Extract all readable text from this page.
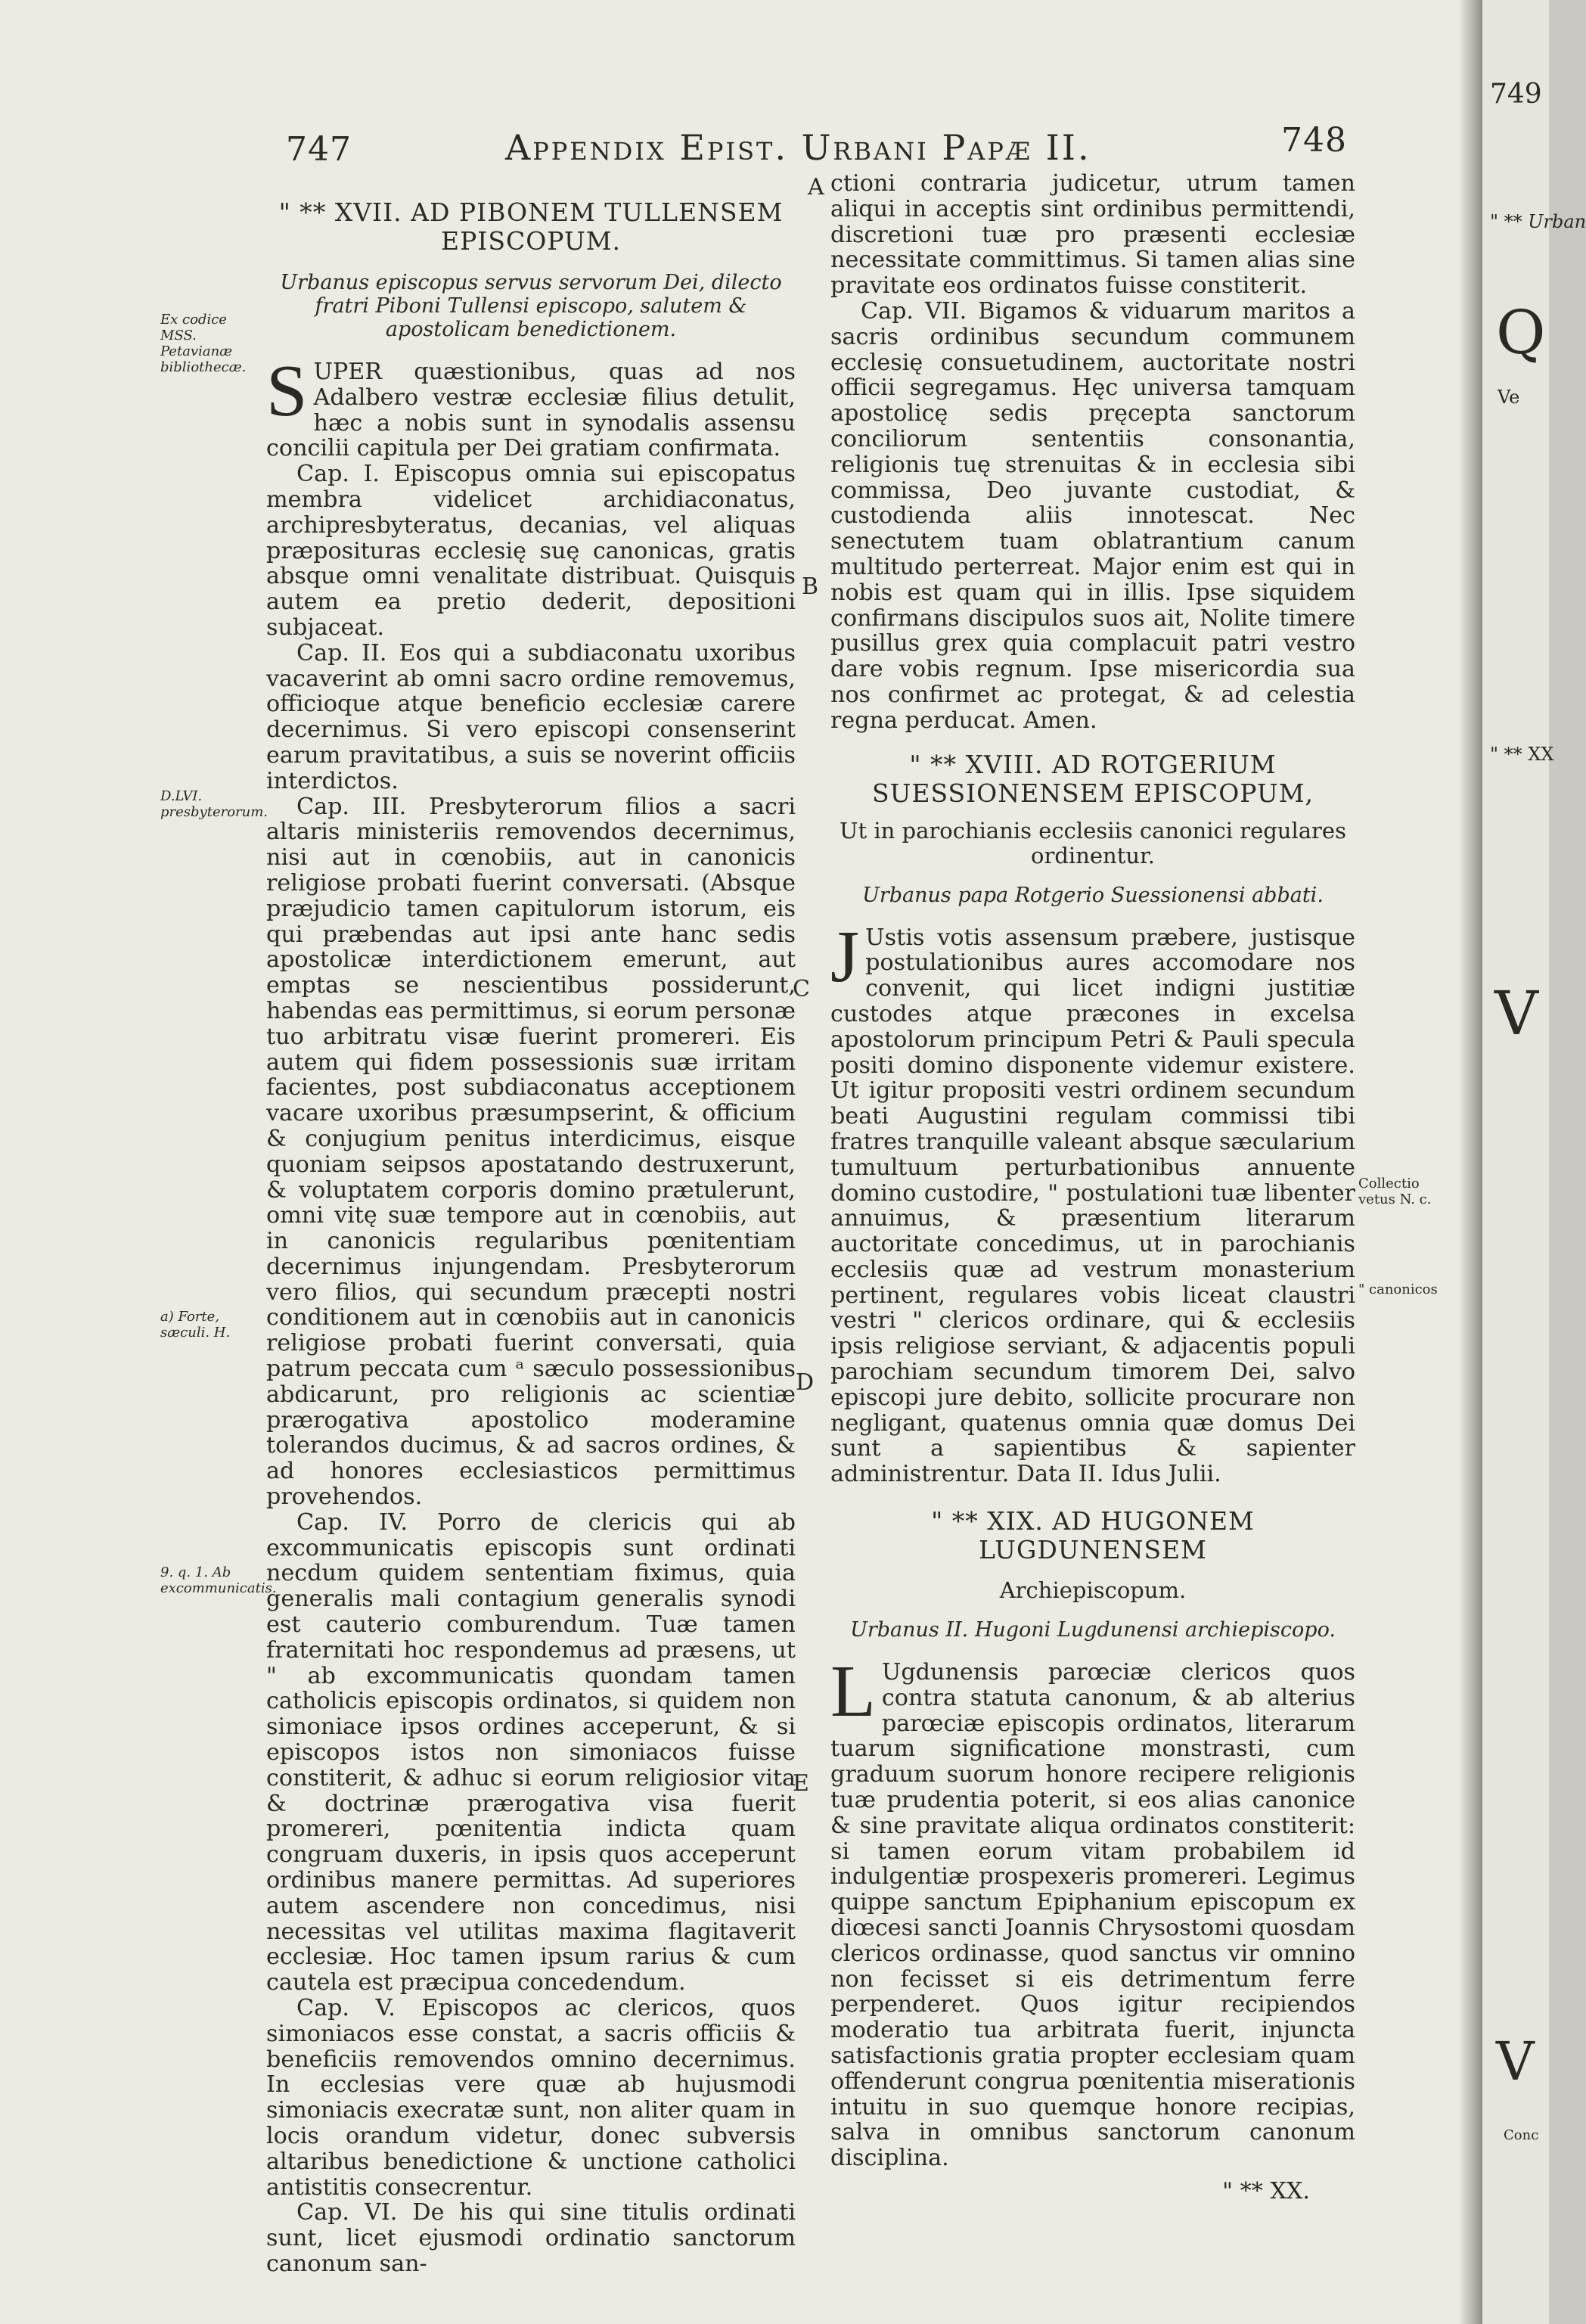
747	Appendix Epist. Urbani Papæ II.	748
Ex codice MSS. Petavianæ bibliothecæ.
D.LVI. presbyterorum.
a) Forte, sæculi. H.
9. q. 1. Ab excommunicatis.
" ** XVII. AD PIBONEM TULLENSEM EPISCOPUM.
Urbanus episcopus servus servorum Dei, dilecto fratri Piboni Tullensi episcopo, salutem & apostolicam benedictionem.

SUPER quæstionibus, quas ad nos Adalbero vestræ ecclesiæ filius detulit, hæc a nobis sunt in synodalis assensu concilii capitula per Dei gratiam confirmata.

Cap. I. Episcopus omnia sui episcopatus membra videlicet archidiaconatus, archipresbyteratus, decanias, vel aliquas præposituras ecclesię suę canonicas, gratis absque omni venalitate distribuat. Quisquis autem ea pretio dederit, depositioni subjaceat.

Cap. II. Eos qui a subdiaconatu uxoribus vacaverint ab omni sacro ordine removemus, officioque atque beneficio ecclesiæ carere decernimus. Si vero episcopi consenserint earum pravitatibus, a suis se noverint officiis interdictos.

Cap. III. Presbyterorum filios a sacri altaris ministeriis removendos decernimus, nisi aut in cœnobiis, aut in canonicis religiose probati fuerint conversati. (Absque præjudicio tamen capitulorum istorum, eis qui præbendas aut ipsi ante hanc sedis apostolicæ interdictionem emerunt, aut emptas se nescientibus possiderunt, habendas eas permittimus, si eorum personæ tuo arbitratu visæ fuerint promereri. Eis autem qui fidem possessionis suæ irritam facientes, post subdiaconatus acceptionem vacare uxoribus præsumpserint, & officium & conjugium penitus interdicimus, eisque quoniam seipsos apostatando destruxerunt, & voluptatem corporis domino prætulerunt, omni vitę suæ tempore aut in cœnobiis, aut in canonicis regularibus pœnitentiam decernimus injungendam. Presbyterorum vero filios, qui secundum præcepti nostri conditionem aut in cœnobiis aut in canonicis religiose probati fuerint conversati, quia patrum peccata cum ᵃ sæculo possessionibus abdicarunt, pro religionis ac scientiæ prærogativa apostolico moderamine tolerandos ducimus, & ad sacros ordines, & ad honores ecclesiasticos permittimus provehendos.

Cap. IV. Porro de clericis qui ab excommunicatis episcopis sunt ordinati necdum quidem sententiam fiximus, quia generalis mali contagium generalis synodi est cauterio comburendum. Tuæ tamen fraternitati hoc respondemus ad præsens, ut " ab excommunicatis quondam tamen catholicis episcopis ordinatos, si quidem non simoniace ipsos ordines acceperunt, & si episcopos istos non simoniacos fuisse constiterit, & adhuc si eorum religiosior vita & doctrinæ prærogativa visa fuerit promereri, pœnitentia indicta quam congruam duxeris, in ipsis quos acceperunt ordinibus manere permittas. Ad superiores autem ascendere non concedimus, nisi necessitas vel utilitas maxima flagitaverit ecclesiæ. Hoc tamen ipsum rarius & cum cautela est præcipua concedendum.

Cap. V. Episcopos ac clericos, quos simoniacos esse constat, a sacris officiis & beneficiis removendos omnino decernimus. In ecclesias vere quæ ab hujusmodi simoniacis execratæ sunt, non aliter quam in locis orandum videtur, donec subversis altaribus benedictione & unctione catholici antistitis consecrentur.

Cap. VI. De his qui sine titulis ordinati sunt, licet ejusmodi ordinatio sanctorum canonum san-

A
B
C
D
E

ctioni contraria judicetur, utrum tamen aliqui in acceptis sint ordinibus permittendi, discretioni tuæ pro præsenti ecclesiæ necessitate committimus. Si tamen alias sine pravitate eos ordinatos fuisse constiterit.

Cap. VII. Bigamos & viduarum maritos a sacris ordinibus secundum communem ecclesię consuetudinem, auctoritate nostri officii segregamus. Hęc universa tamquam apostolicę sedis pręcepta sanctorum conciliorum sententiis consonantia, religionis tuę strenuitas & in ecclesia sibi commissa, Deo juvante custodiat, & custodienda aliis innotescat. Nec senectutem tuam oblatrantium canum multitudo perterreat. Major enim est qui in nobis est quam qui in illis. Ipse siquidem confirmans discipulos suos ait, Nolite timere pusillus grex quia complacuit patri vestro dare vobis regnum. Ipse misericordia sua nos confirmet ac protegat, & ad celestia regna perducat. Amen.

" ** XVIII. AD ROTGERIUM SUESSIONENSEM EPISCOPUM,
Ut in parochianis ecclesiis canonici regulares ordinentur.
Urbanus papa Rotgerio Suessionensi abbati.

J Ustis votis assensum præbere, justisque postulationibus aures accomodare nos convenit, qui licet indigni justitiæ custodes atque præcones in excelsa apostolorum principum Petri & Pauli specula positi domino disponente videmur existere. Ut igitur propositi vestri ordinem secundum beati Augustini regulam commissi tibi fratres tranquille valeant absque sæcularium tumultuum perturbationibus annuente domino custodire, " postulationi tuæ libenter annuimus, & præsentium literarum auctoritate concedimus, ut in parochianis ecclesiis quæ ad vestrum monasterium pertinent, regulares vobis liceat claustri vestri " clericos ordinare, qui & ecclesiis ipsis religiose serviant, & adjacentis populi parochiam secundum timorem Dei, salvo episcopi jure debito, sollicite procurare non negligant, quatenus omnia quæ domus Dei sunt a sapientibus & sapienter administrentur. Data II. Idus Julii.

" ** XIX. AD HUGONEM LUGDUNENSEM
Archiepiscopum.
Urbanus II. Hugoni Lugdunensi archiepiscopo.

L Ugdunensis parœciæ clericos quos contra statuta canonum, & ab alterius parœciæ episcopis ordinatos, literarum tuarum significatione monstrasti, cum graduum suorum honore recipere religionis tuæ prudentia poterit, si eos alias canonice & sine pravitate aliqua ordinatos constiterit: si tamen eorum vitam probabilem id indulgentiæ prospexeris promereri. Legimus quippe sanctum Epiphanium episcopum ex diœcesi sancti Joannis Chrysostomi quosdam clericos ordinasse, quod sanctus vir omnino non fecisset si eis detrimentum ferre perpenderet. Quos igitur recipiendos moderatio tua arbitrata fuerit, injuncta satisfactionis gratia propter ecclesiam quam offenderunt congrua pœnitentia miserationis intuitu in suo quemque honore recipias, salva in omnibus sanctorum canonum disciplina.

" ** XX.
Collectio vetus N. c.
" canonicos
749
" ** Urban
Q
Ve
" ** XX
V
V
Conc
